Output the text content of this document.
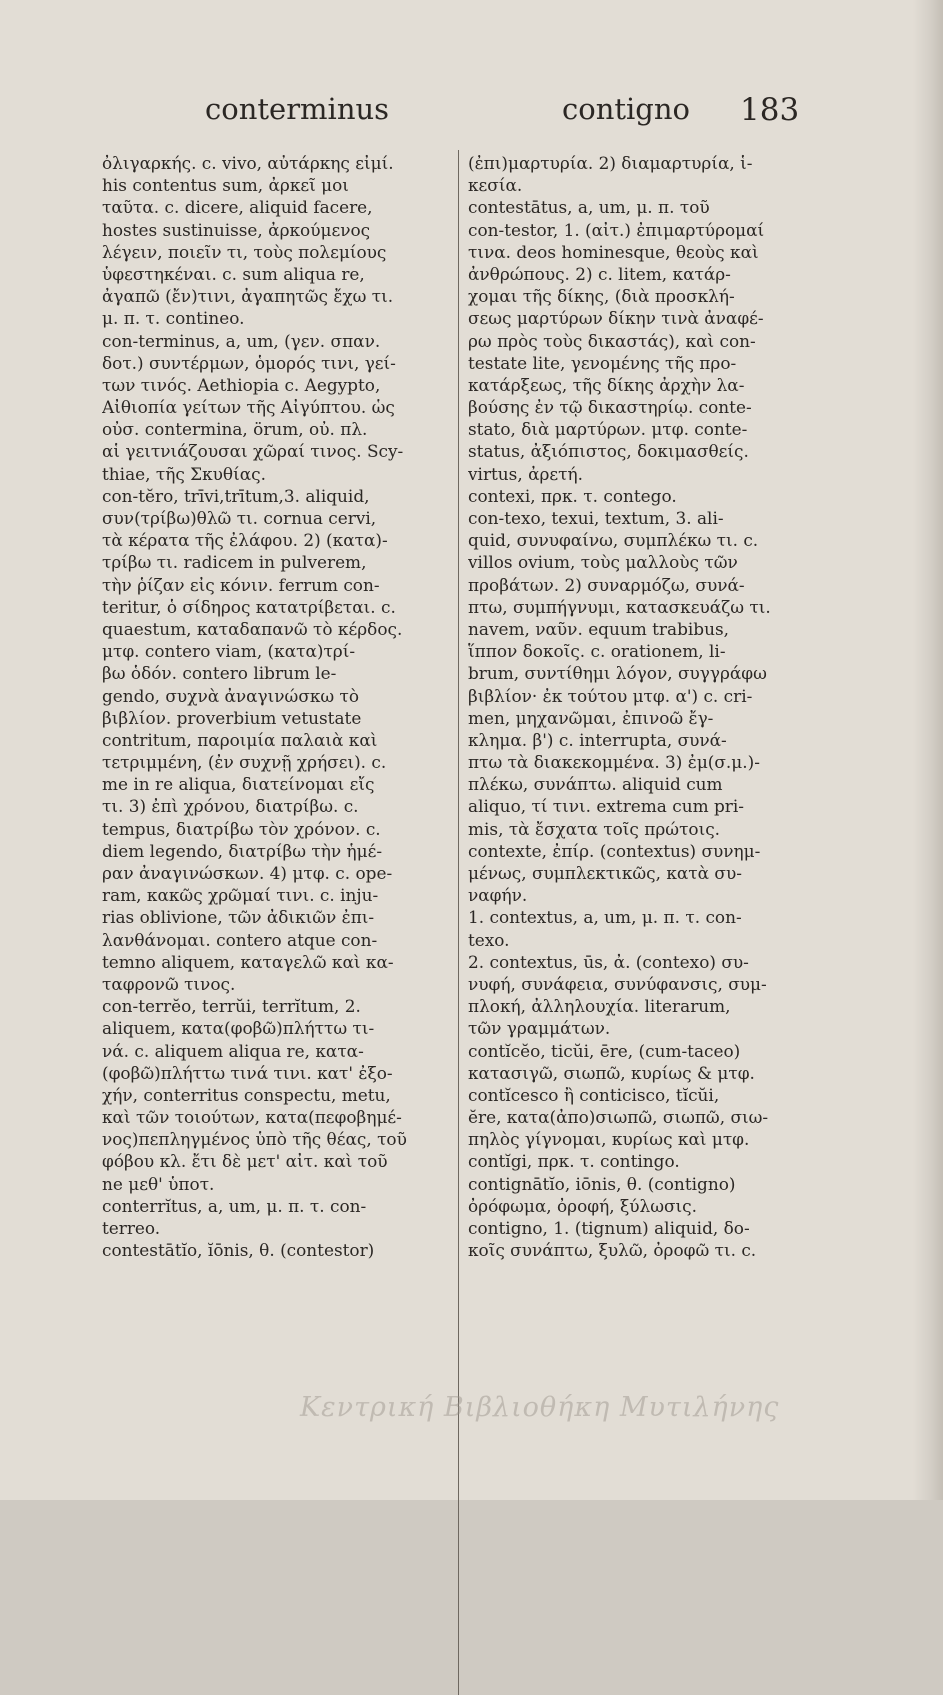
conterminus	contigno 183
ὀλιγαρκής. c. vivo, αὐτάρκης εἰμί.
his contentus sum, ἀρκεῖ μοι
ταῦτα. c. dicere, aliquid facere,
hostes sustinuisse, ἀρκούμενος
λέγειν, ποιεῖν τι, τοὺς πολεμίους
ὑφεστηκέναι. c. sum aliqua re,
ἀγαπῶ (ἔν)τινι, ἀγαπητῶς ἔχω τι.
μ. π. τ. contineo.
con-terminus, a, um, (γεν. σπαν.
δοτ.) συντέρμων, ὁμορός τινι, γεί-
των τινός. Aethiopia c. Aegypto,
Αἰθιοπία γείτων τῆς Αἰγύπτου. ὡς
οὐσ. contermina, örum, οὐ. πλ.
αἱ γειτνιάζουσαι χῶραί τινος. Scy-
thiae, τῆς Σκυθίας.
con-tĕro, trīvi,trītum,3. aliquid,
συν(τρίβω)θλῶ τι. cornua cervi,
τὰ κέρατα τῆς ἐλάφου. 2) (κατα)-
τρίβω τι. radicem in pulverem,
τὴν ῥίζαν εἰς κόνιν. ferrum con-
teritur, ὁ σίδηρος κατατρίβεται. c.
quaestum, καταδαπανῶ τὸ κέρδος.
μτφ. contero viam, (κατα)τρί-
βω ὁδόν. contero librum le-
gendo, συχνὰ ἀναγινώσκω τὸ
βιβλίον. proverbium vetustate
contritum, παροιμία παλαιὰ καὶ
τετριμμένη, (ἐν συχνῇ χρήσει). c.
me in re aliqua, διατείνομαι εἴς
τι. 3) ἐπὶ χρόνου, διατρίβω. c.
tempus, διατρίβω τὸν χρόνον. c.
diem legendo, διατρίβω τὴν ἡμέ-
ραν ἀναγινώσκων. 4) μτφ. c. ope-
ram, κακῶς χρῶμαί τινι. c. inju-
rias oblivione, τῶν ἀδικιῶν ἐπι-
λανθάνομαι. contero atque con-
temno aliquem, καταγελῶ καὶ κα-
ταφρονῶ τινος.
con-terrĕo, terrŭi, terrĭtum, 2.
aliquem, κατα(φοβῶ)πλήττω τι-
νά. c. aliquem aliqua re, κατα-
(φοβῶ)πλήττω τινά τινι. κατ' ἐξο-
χήν, conterritus conspectu, metu,
καὶ τῶν τοιούτων, κατα(πεφοβημέ-
νος)πεπληγμένος ὑπὸ τῆς θέας, τοῦ
φόβου κλ. ἔτι δὲ μετ' αἰτ. καὶ τοῦ
ne μεθ' ὑποτ.
conterrĭtus, a, um, μ. π. τ. con-
terreo.
contestātĭo, ĭōnis, θ. (contestor)
(ἐπι)μαρτυρία. 2) διαμαρτυρία, ἱ-
κεσία.
contestātus, a, um, μ. π. τοῦ
con-testor, 1. (αἰτ.) ἐπιμαρτύρομαί
τινα. deos hominesque, θεοὺς καὶ
ἀνθρώπους. 2) c. litem, κατάρ-
χομαι τῆς δίκης, (διὰ προσκλή-
σεως μαρτύρων δίκην τινὰ ἀναφέ-
ρω πρὸς τοὺς δικαστάς), καὶ con-
testate lite, γενομένης τῆς προ-
κατάρξεως, τῆς δίκης ἀρχὴν λα-
βούσης ἐν τῷ δικαστηρίῳ. conte-
stato, διὰ μαρτύρων. μτφ. conte-
status, ἀξιόπιστος, δοκιμασθείς.
virtus, ἀρετή.
contexi, πρκ. τ. contego.
con-texo, texui, textum, 3. ali-
quid, συνυφαίνω, συμπλέκω τι. c.
villos ovium, τοὺς μαλλοὺς τῶν
προβάτων. 2) συναρμόζω, συνά-
πτω, συμπήγνυμι, κατασκευάζω τι.
navem, ναῦν. equum trabibus,
ἵππον δοκοῖς. c. orationem, li-
brum, συντίθημι λόγον, συγγράφω
βιβλίον· ἐκ τούτου μτφ. α') c. cri-
men, μηχανῶμαι, ἐπινοῶ ἔγ-
κλημα. β') c. interrupta, συνά-
πτω τὰ διακεκομμένα. 3) ἐμ(σ.μ.)-
πλέκω, συνάπτω. aliquid cum
aliquo, τί τινι. extrema cum pri-
mis, τὰ ἔσχατα τοῖς πρώτοις.
contexte, ἐπίρ. (contextus) συνημ-
μένως, συμπλεκτικῶς, κατὰ συ-
ναφήν.
1. contextus, a, um, μ. π. τ. con-
texo.
2. contextus, ūs, ἀ. (contexo) συ-
νυφή, συνάφεια, συνύφανσις, συμ-
πλοκή, ἀλληλουχία. literarum,
τῶν γραμμάτων.
contĭcĕo, ticŭi, ēre, (cum-taceo)
κατασιγῶ, σιωπῶ, κυρίως & μτφ.
contĭcesco ἢ conticisco, tĭcŭi,
ĕre, κατα(ἀπο)σιωπῶ, σιωπῶ, σιω-
πηλὸς γίγνομαι, κυρίως καὶ μτφ.
contĭgi, πρκ. τ. contingo.
contignātĭo, iōnis, θ. (contigno)
ὀρόφωμα, ὀροφή, ξύλωσις.
contigno, 1. (tignum) aliquid, δο-
κοῖς συνάπτω, ξυλῶ, ὀροφῶ τι. c.
Κεντρική Βιβλιοθήκη Μυτιλήνης
